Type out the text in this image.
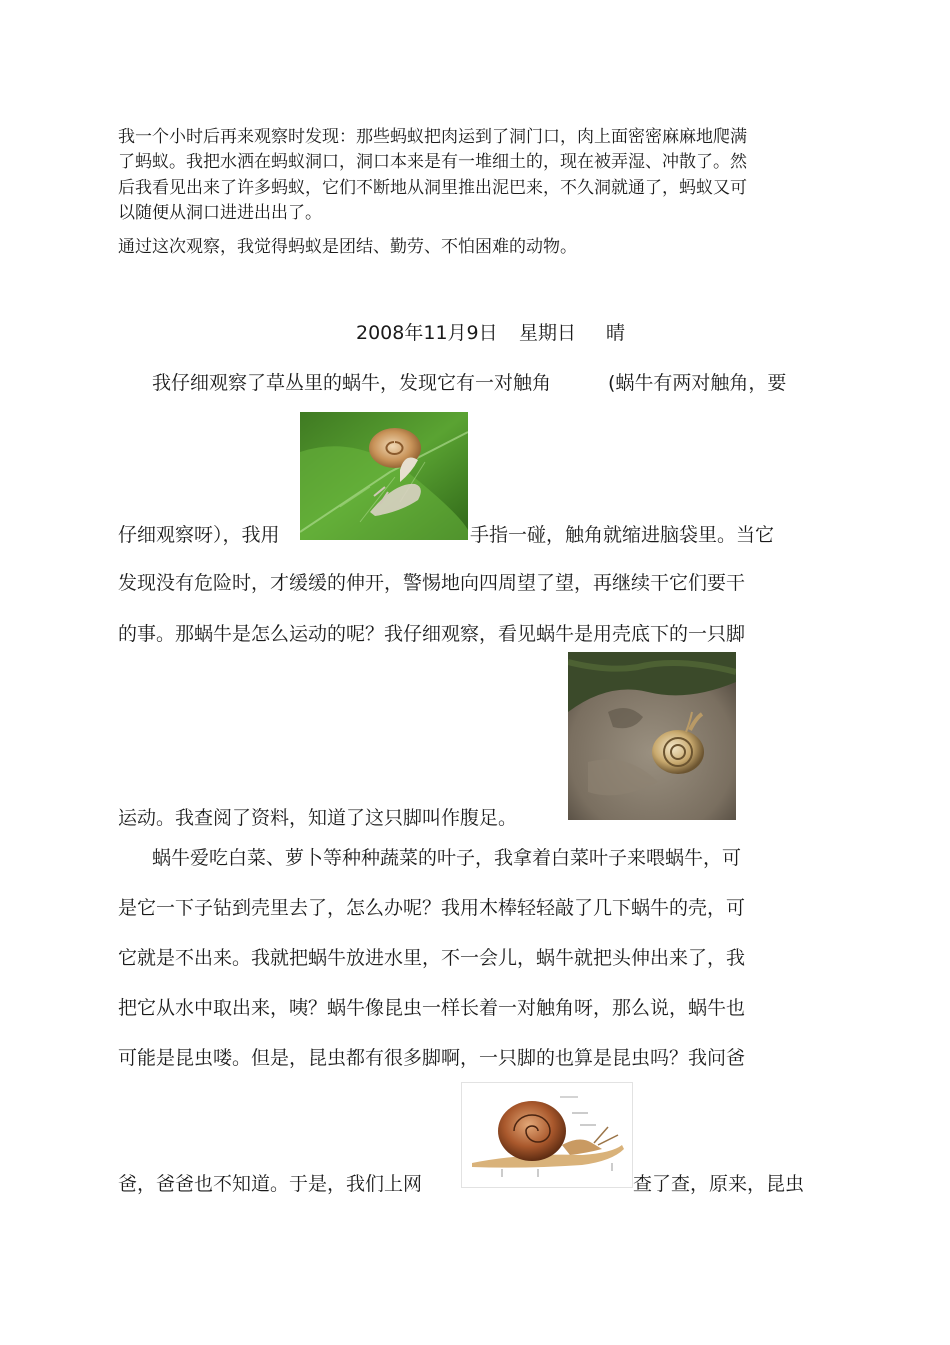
我一个小时后再来观察时发现：那些蚂蚁把肉运到了洞门口，肉上面密密麻麻地爬满
了蚂蚁。我把水洒在蚂蚁洞口，洞口本来是有一堆细土的，现在被弄湿、冲散了。然
后我看见出来了许多蚂蚁，它们不断地从洞里推出泥巴来，不久洞就通了，蚂蚁又可
以随便从洞口进进出出了。
通过这次观察，我觉得蚂蚁是团结、勤劳、不怕困难的动物。
2008年11月9日 星期日 晴
我仔细观察了草丛里的蜗牛，发现它有一对触角	(蜗牛有两对触角，要
仔细观察呀），我用	手指一碰，触角就缩进脑袋里。当它
发现没有危险时，才缓缓的伸开，警惕地向四周望了望，再继续干它们要干
的事。那蜗牛是怎么运动的呢？我仔细观察，看见蜗牛是用壳底下的一只脚
运动。我查阅了资料，知道了这只脚叫作腹足。
蜗牛爱吃白菜、萝卜等种种蔬菜的叶子，我拿着白菜叶子来喂蜗牛，可
是它一下子钻到壳里去了，怎么办呢？我用木棒轻轻敲了几下蜗牛的壳，可
它就是不出来。我就把蜗牛放进水里，不一会儿，蜗牛就把头伸出来了，我
把它从水中取出来，咦？蜗牛像昆虫一样长着一对触角呀，那么说，蜗牛也
可能是昆虫喽。但是，昆虫都有很多脚啊，一只脚的也算是昆虫吗？我问爸
爸，爸爸也不知道。于是，我们上网	查了查，原来，昆虫
